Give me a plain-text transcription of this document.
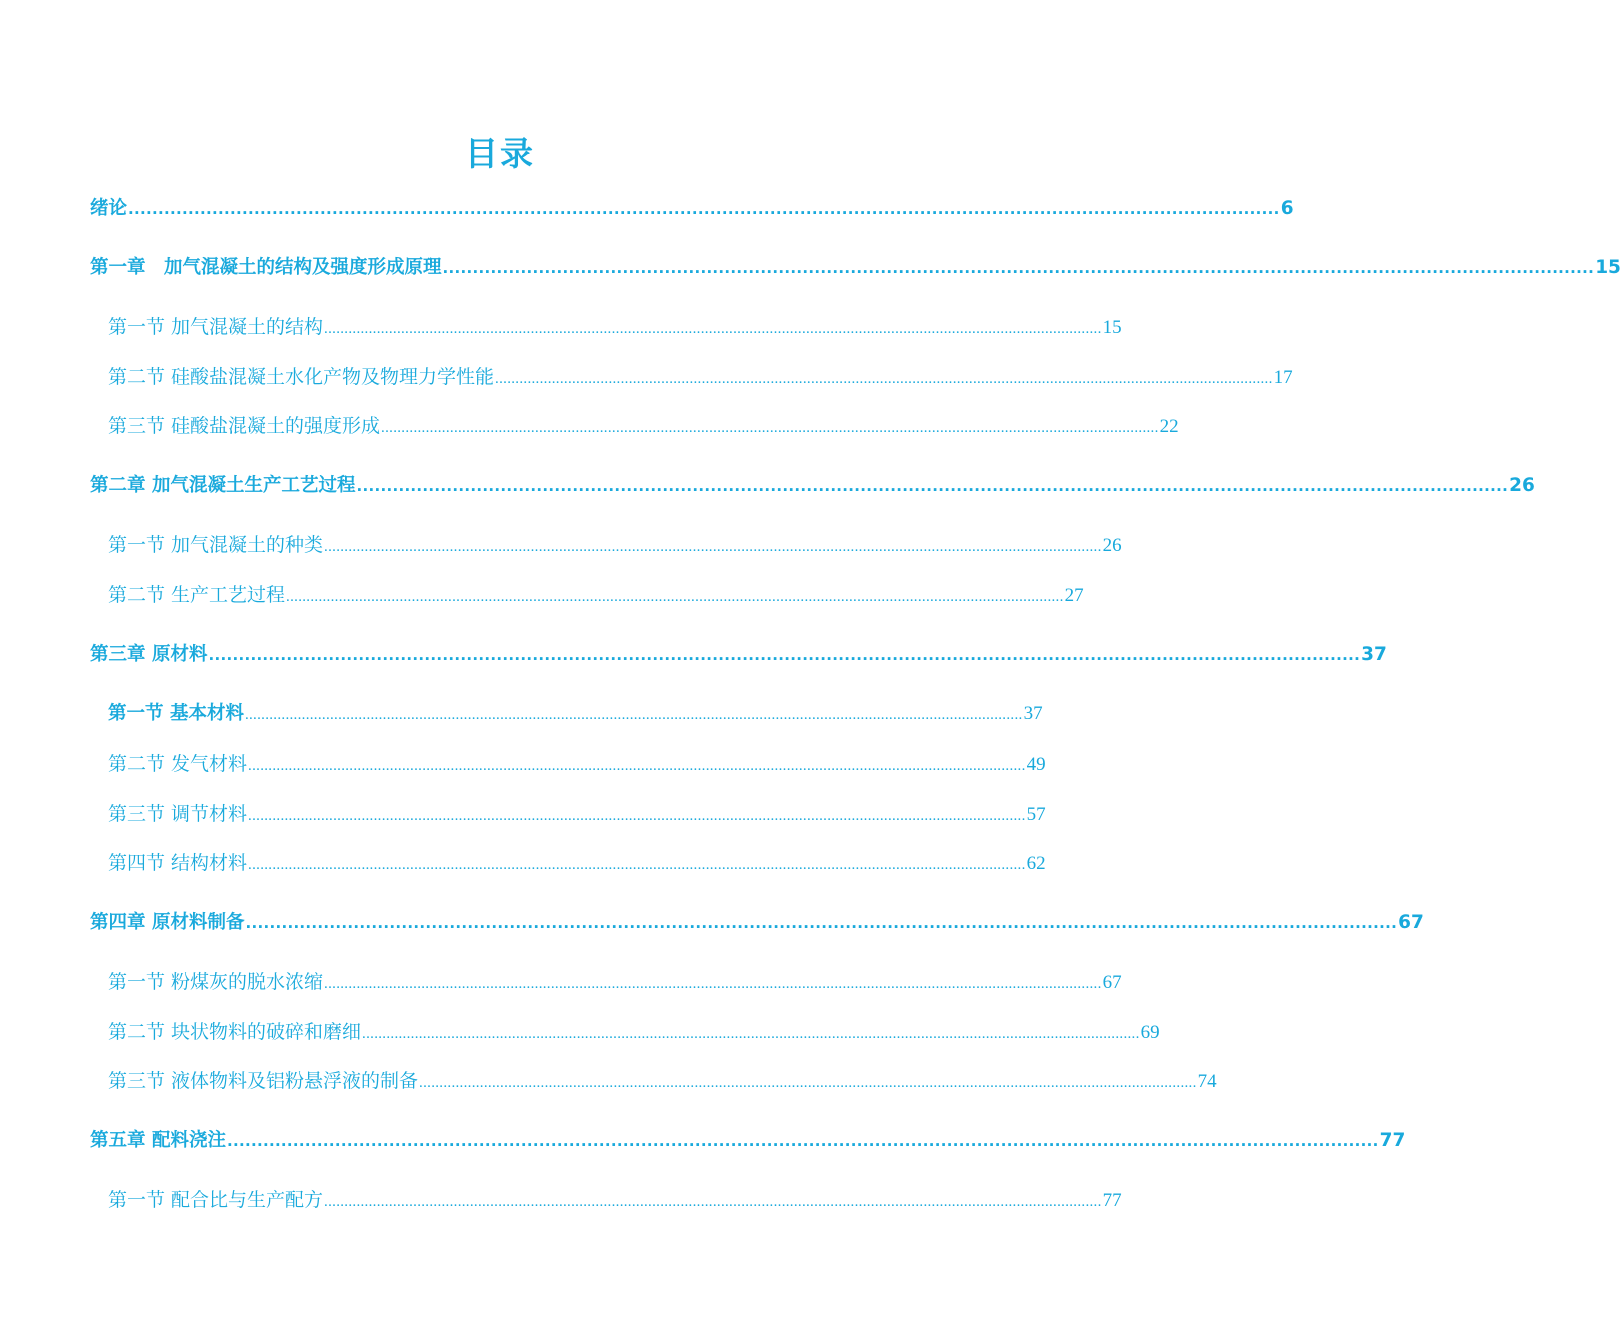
目录
绪论 ................................................................................................................................................................................................ 6
第一章　加气混凝土的结构及强度形成原理 ................................................................................................................................................................................................ 15
第一节 加气混凝土的结构 ................................................................................................................................................................................................ 15
第二节 硅酸盐混凝土水化产物及物理力学性能 ................................................................................................................................................................................................ 17
第三节 硅酸盐混凝土的强度形成 ................................................................................................................................................................................................ 22
第二章 加气混凝土生产工艺过程 ................................................................................................................................................................................................ 26
第一节 加气混凝土的种类 ................................................................................................................................................................................................ 26
第二节 生产工艺过程 ................................................................................................................................................................................................ 27
第三章 原材料 ................................................................................................................................................................................................ 37
第一节 基本材料 ................................................................................................................................................................................................ 37
第二节 发气材料 ................................................................................................................................................................................................ 49
第三节 调节材料 ................................................................................................................................................................................................ 57
第四节 结构材料 ................................................................................................................................................................................................ 62
第四章 原材料制备 ................................................................................................................................................................................................ 67
第一节 粉煤灰的脱水浓缩 ................................................................................................................................................................................................ 67
第二节 块状物料的破碎和磨细 ................................................................................................................................................................................................ 69
第三节 液体物料及铝粉悬浮液的制备 ................................................................................................................................................................................................ 74
第五章 配料浇注 ................................................................................................................................................................................................ 77
第一节 配合比与生产配方 ................................................................................................................................................................................................ 77
